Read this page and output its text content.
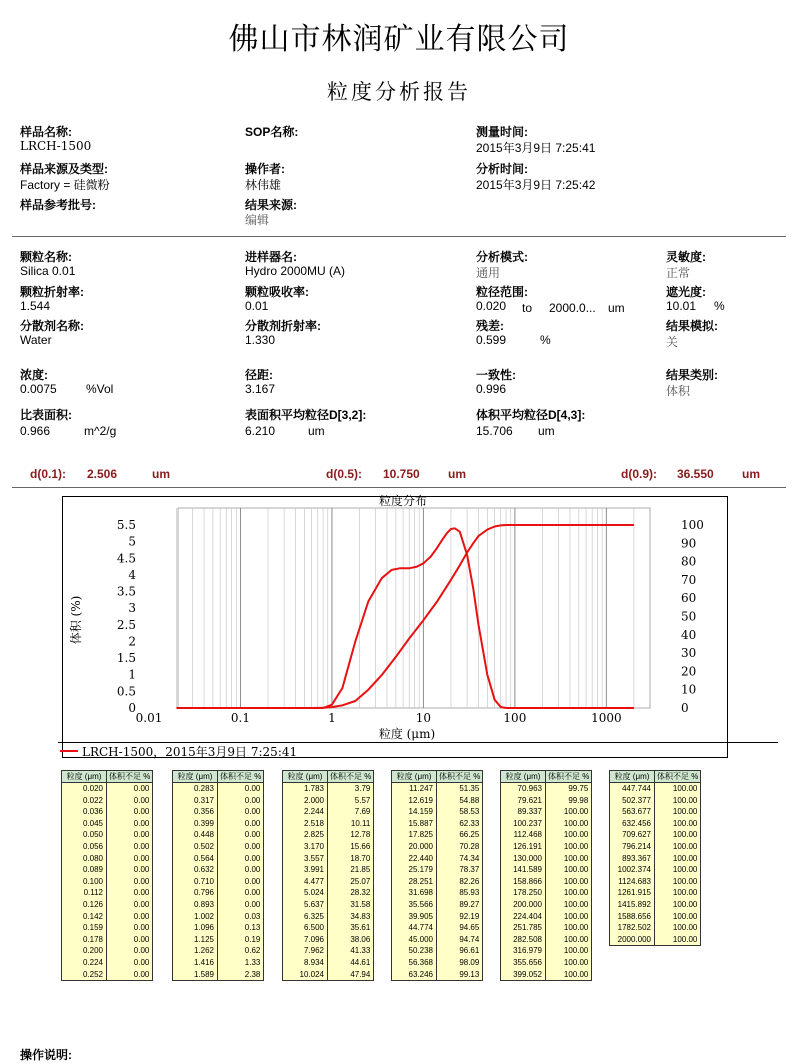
佛山市林润矿业有限公司
粒度分析报告
样品名称:
LRCH-1500
样品来源及类型:
Factory = 硅微粉
样品参考批号:
SOP名称:
操作者:
林伟雄
结果来源:
编辑
测量时间:
2015年3月9日 7:25:41
分析时间:
2015年3月9日 7:25:42
颗粒名称:
Silica 0.01
颗粒折射率:
1.544
分散剂名称:
Water
进样器名:
Hydro 2000MU (A)
颗粒吸收率:
0.01
分散剂折射率:
1.330
分析模式:
通用
粒径范围:
0.020 to 2000.0... um
残差:
0.599	%
灵敏度:
正常
遮光度:
10.01 %
结果模拟:
关
浓度:
0.0075 %Vol
径距:
3.167
一致性:
0.996
结果类别:
体积
比表面积:
0.966	m^2/g
表面积平均粒径D[3,2]:
6.210	um
体积平均粒径D[4,3]:
15.706 um
d(0.1): 2.506	um	d(0.5): 10.750 um	d(0.9): 36.550 um
0.01	0.1	1	10	100	1000
0
0.5
1
1.5
2
2.5
3
3.5
4
4.5
5
5.5
0
10
20
30
40
50
60
70
80
90
100
粒度分布
粒度 (μm)
体积 (%)
LRCH-1500，2015年3月9日 7:25:41
粒度 (μm)	体积不足 %
0.020	0.00
0.022	0.00
0.036	0.00
0.045	0.00
0.050	0.00
0.056	0.00
0.080	0.00
0.089	0.00
0.100	0.00
0.112	0.00
0.126	0.00
0.142	0.00
0.159	0.00
0.178	0.00
0.200	0.00
0.224	0.00
0.252	0.00
粒度 (μm)	体积不足 %
0.283	0.00
0.317	0.00
0.356	0.00
0.399	0.00
0.448	0.00
0.502	0.00
0.564	0.00
0.632	0.00
0.710	0.00
0.796	0.00
0.893	0.00
1.002	0.03
1.096	0.13
1.125	0.19
1.262	0.62
1.416	1.33
1.589	2.38
粒度 (μm)	体积不足 %
1.783	3.79
2.000	5.57
2.244	7.69
2.518	10.11
2.825	12.78
3.170	15.66
3.557	18.70
3.991	21.85
4.477	25.07
5.024	28.32
5.637	31.58
6.325	34.83
6.500	35.61
7.096	38.06
7.962	41.33
8.934	44.61
10.024	47.94
粒度 (μm)	体积不足 %
11.247	51.35
12.619	54.88
14.159	58.53
15.887	62.33
17.825	66.25
20.000	70.28
22.440	74.34
25.179	78.37
28.251	82.26
31.698	85.93
35.566	89.27
39.905	92.19
44.774	94.65
45.000	94.74
50.238	96.61
56.368	98.09
63.246	99.13
粒度 (μm)	体积不足 %
70.963	99.75
79.621	99.98
89.337	100.00
100.237	100.00
112.468	100.00
126.191	100.00
130.000	100.00
141.589	100.00
158.866	100.00
178.250	100.00
200.000	100.00
224.404	100.00
251.785	100.00
282.508	100.00
316.979	100.00
355.656	100.00
399.052	100.00
粒度 (μm)	体积不足 %
447.744	100.00
502.377	100.00
563.677	100.00
632.456	100.00
709.627	100.00
796.214	100.00
893.367	100.00
1002.374	100.00
1124.683	100.00
1261.915	100.00
1415.892	100.00
1588.656	100.00
1782.502	100.00
2000.000	100.00
操作说明:
